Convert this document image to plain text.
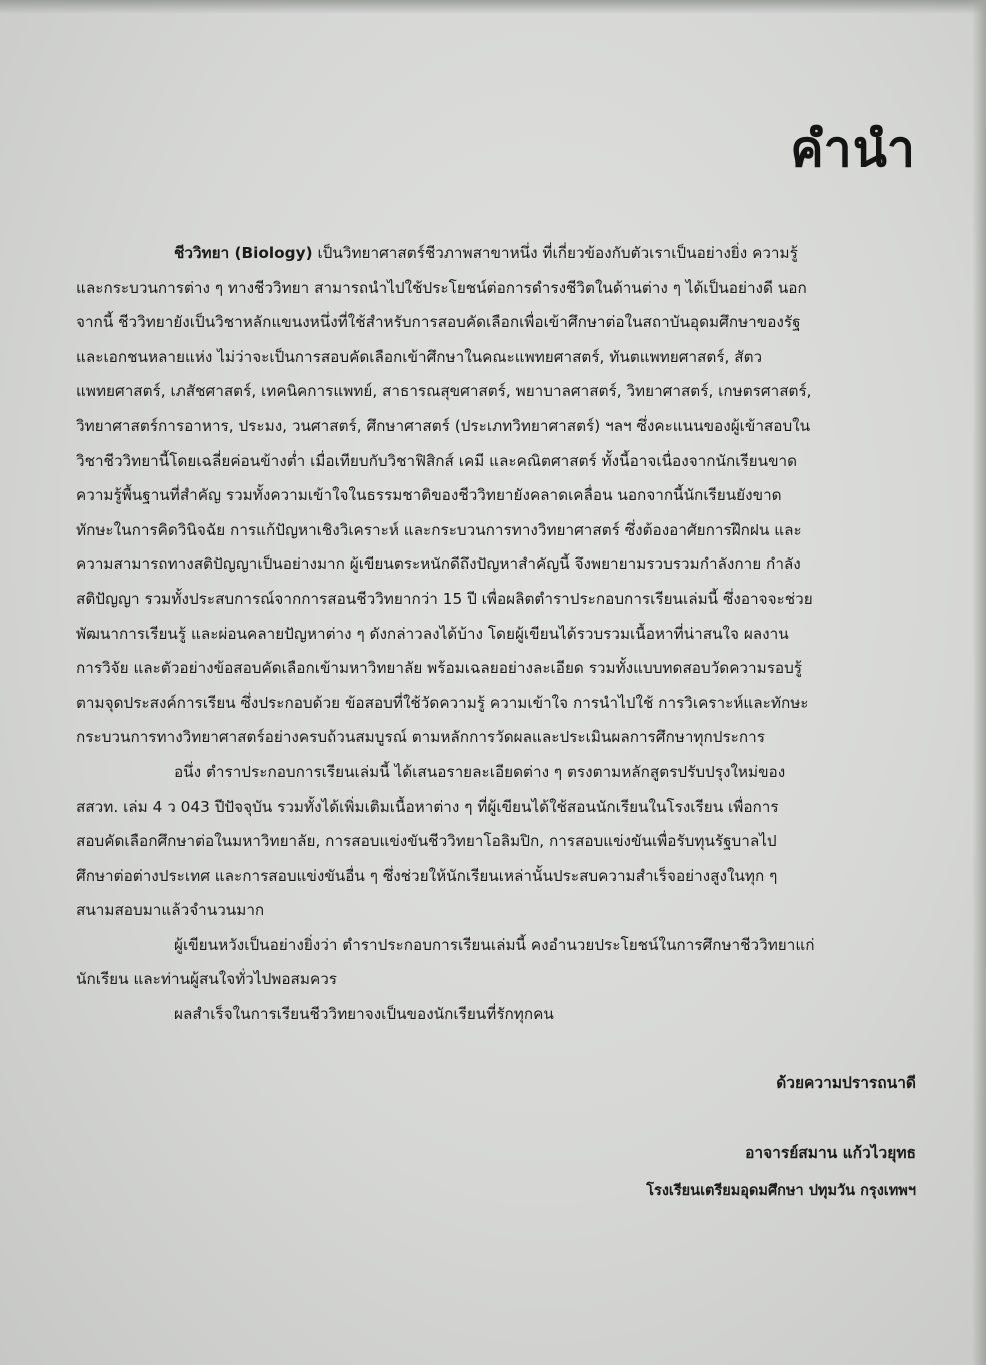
คำนำ
ชีววิทยา (Biology) เป็นวิทยาศาสตร์ชีวภาพสาขาหนึ่ง ที่เกี่ยวข้องกับตัวเราเป็นอย่างยิ่ง ความรู้
และกระบวนการต่าง ๆ ทางชีววิทยา สามารถนำไปใช้ประโยชน์ต่อการดำรงชีวิตในด้านต่าง ๆ ได้เป็นอย่างดี นอก
จากนี้ ชีววิทยายังเป็นวิชาหลักแขนงหนึ่งที่ใช้สำหรับการสอบคัดเลือกเพื่อเข้าศึกษาต่อในสถาบันอุดมศึกษาของรัฐ
และเอกชนหลายแห่ง ไม่ว่าจะเป็นการสอบคัดเลือกเข้าศึกษาในคณะแพทยศาสตร์, ทันตแพทยศาสตร์, สัตว
แพทยศาสตร์, เภสัชศาสตร์, เทคนิคการแพทย์, สาธารณสุขศาสตร์, พยาบาลศาสตร์, วิทยาศาสตร์, เกษตรศาสตร์,
วิทยาศาสตร์การอาหาร, ประมง, วนศาสตร์, ศึกษาศาสตร์ (ประเภทวิทยาศาสตร์) ฯลฯ ซึ่งคะแนนของผู้เข้าสอบใน
วิชาชีววิทยานี้โดยเฉลี่ยค่อนข้างต่ำ เมื่อเทียบกับวิชาฟิสิกส์ เคมี และคณิตศาสตร์ ทั้งนี้อาจเนื่องจากนักเรียนขาด
ความรู้พื้นฐานที่สำคัญ รวมทั้งความเข้าใจในธรรมชาติของชีววิทยายังคลาดเคลื่อน นอกจากนี้นักเรียนยังขาด
ทักษะในการคิดวินิจฉัย การแก้ปัญหาเชิงวิเคราะห์ และกระบวนการทางวิทยาศาสตร์ ซึ่งต้องอาศัยการฝึกฝน และ
ความสามารถทางสติปัญญาเป็นอย่างมาก ผู้เขียนตระหนักดีถึงปัญหาสำคัญนี้ จึงพยายามรวบรวมกำลังกาย กำลัง
สติปัญญา รวมทั้งประสบการณ์จากการสอนชีววิทยากว่า 15 ปี เพื่อผลิตตำราประกอบการเรียนเล่มนี้ ซึ่งอาจจะช่วย
พัฒนาการเรียนรู้ และผ่อนคลายปัญหาต่าง ๆ ดังกล่าวลงได้บ้าง โดยผู้เขียนได้รวบรวมเนื้อหาที่น่าสนใจ ผลงาน
การวิจัย และตัวอย่างข้อสอบคัดเลือกเข้ามหาวิทยาลัย พร้อมเฉลยอย่างละเอียด รวมทั้งแบบทดสอบวัดความรอบรู้
ตามจุดประสงค์การเรียน ซึ่งประกอบด้วย ข้อสอบที่ใช้วัดความรู้ ความเข้าใจ การนำไปใช้ การวิเคราะห์และทักษะ
กระบวนการทางวิทยาศาสตร์อย่างครบถ้วนสมบูรณ์ ตามหลักการวัดผลและประเมินผลการศึกษาทุกประการ
อนึ่ง ตำราประกอบการเรียนเล่มนี้ ได้เสนอรายละเอียดต่าง ๆ ตรงตามหลักสูตรปรับปรุงใหม่ของ
สสวท. เล่ม 4 ว 043 ปีปัจจุบัน รวมทั้งได้เพิ่มเติมเนื้อหาต่าง ๆ ที่ผู้เขียนได้ใช้สอนนักเรียนในโรงเรียน เพื่อการ
สอบคัดเลือกศึกษาต่อในมหาวิทยาลัย, การสอบแข่งขันชีววิทยาโอลิมปิก, การสอบแข่งขันเพื่อรับทุนรัฐบาลไป
ศึกษาต่อต่างประเทศ และการสอบแข่งขันอื่น ๆ ซึ่งช่วยให้นักเรียนเหล่านั้นประสบความสำเร็จอย่างสูงในทุก ๆ
สนามสอบมาแล้วจำนวนมาก
ผู้เขียนหวังเป็นอย่างยิ่งว่า ตำราประกอบการเรียนเล่มนี้ คงอำนวยประโยชน์ในการศึกษาชีววิทยาแก่
นักเรียน และท่านผู้สนใจทั่วไปพอสมควร
ผลสำเร็จในการเรียนชีววิทยาจงเป็นของนักเรียนที่รักทุกคน
ด้วยความปรารถนาดี
อาจารย์สมาน แก้วไวยุทธ
โรงเรียนเตรียมอุดมศึกษา ปทุมวัน กรุงเทพฯ
